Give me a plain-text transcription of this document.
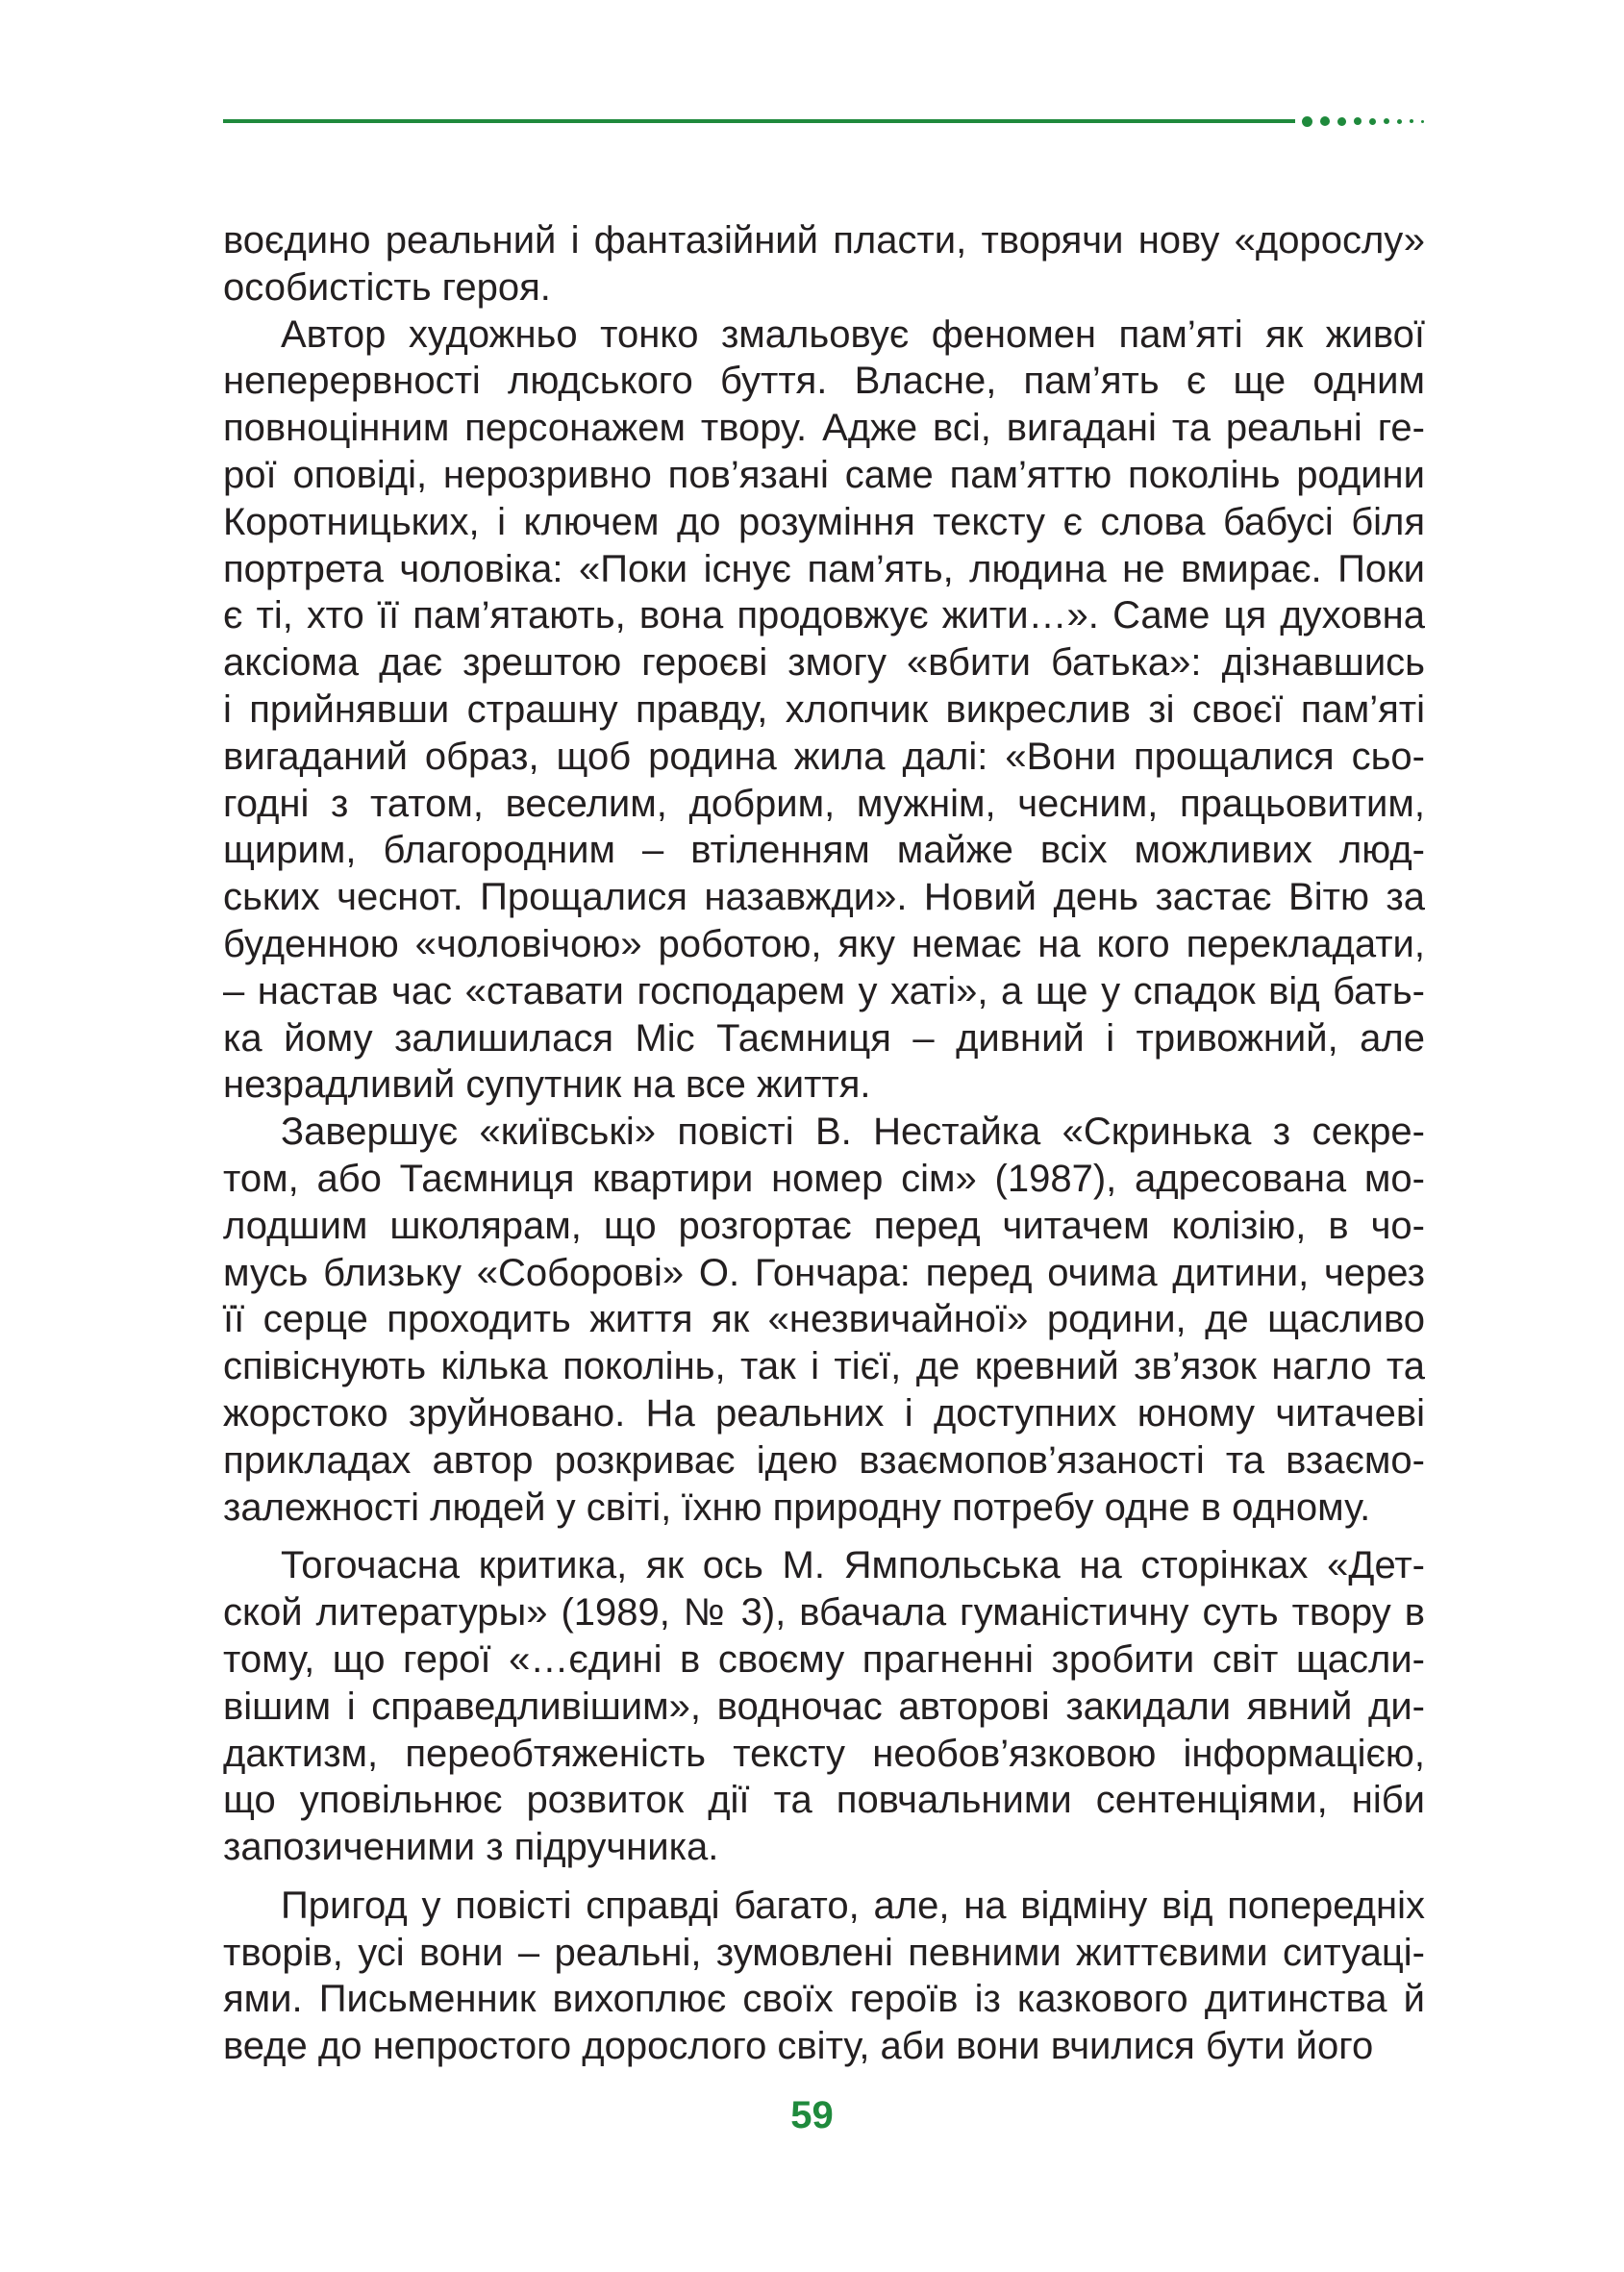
воєдино реальний і фантазійний пласти, творячи нову «дорослу»
особистість героя.
Автор художньо тонко змальовує феномен пам’яті як живої
неперервності людського буття. Власне, пам’ять є ще одним
повноцінним персонажем твору. Адже всі, вигадані та реальні ге-
рої оповіді, нерозривно пов’язані саме пам’яттю поколінь родини
Коротницьких, і ключем до розуміння тексту є слова бабусі біля
портрета чоловіка: «Поки існує пам’ять, людина не вмирає. Поки
є ті, хто її пам’ятають, вона продовжує жити…». Саме ця духовна
аксіома дає зрештою героєві змогу «вбити батька»: дізнавшись
і прийнявши страшну правду, хлопчик викреслив зі своєї пам’яті
вигаданий образ, щоб родина жила далі: «Вони прощалися сьо-
годні з татом, веселим, добрим, мужнім, чесним, працьовитим,
щирим, благородним – втіленням майже всіх можливих люд-
ських чеснот. Прощалися назавжди». Новий день застає Вітю за
буденною «чоловічою» роботою, яку немає на кого перекладати,
– настав час «ставати господарем у хаті», а ще у спадок від бать-
ка йому залишилася Міс Таємниця – дивний і тривожний, але
незрадливий супутник на все життя.
Завершує «київські» повісті В. Нестайка «Скринька з секре-
том, або Таємниця квартири номер сім» (1987), адресована мо-
лодшим школярам, що розгортає перед читачем колізію, в чо-
мусь близьку «Соборові» О. Гончара: перед очима дитини, через
її серце проходить життя як «незвичайної» родини, де щасливо
співіснують кілька поколінь, так і тієї, де кревний зв’язок нагло та
жорстоко зруйновано. На реальних і доступних юному читачеві
прикладах автор розкриває ідею взаємопов’язаності та взаємо-
залежності людей у світі, їхню природну потребу одне в одному.
Тогочасна критика, як ось М. Ямпольська на сторінках «Дет-
ской литературы» (1989, № 3), вбачала гуманістичну суть твору в
тому, що герої «…єдині в своєму прагненні зробити світ щасли-
вішим і справедливішим», водночас авторові закидали явний ди-
дактизм, переобтяженість тексту необов’язковою інформацією,
що уповільнює розвиток дії та повчальними сентенціями, ніби
запозиченими з підручника.
Пригод у повісті справді багато, але, на відміну від попередніх
творів, усі вони – реальні, зумовлені певними життєвими ситуаці-
ями. Письменник вихоплює своїх героїв із казкового дитинства й
веде до непростого дорослого світу, аби вони вчилися бути його
59
